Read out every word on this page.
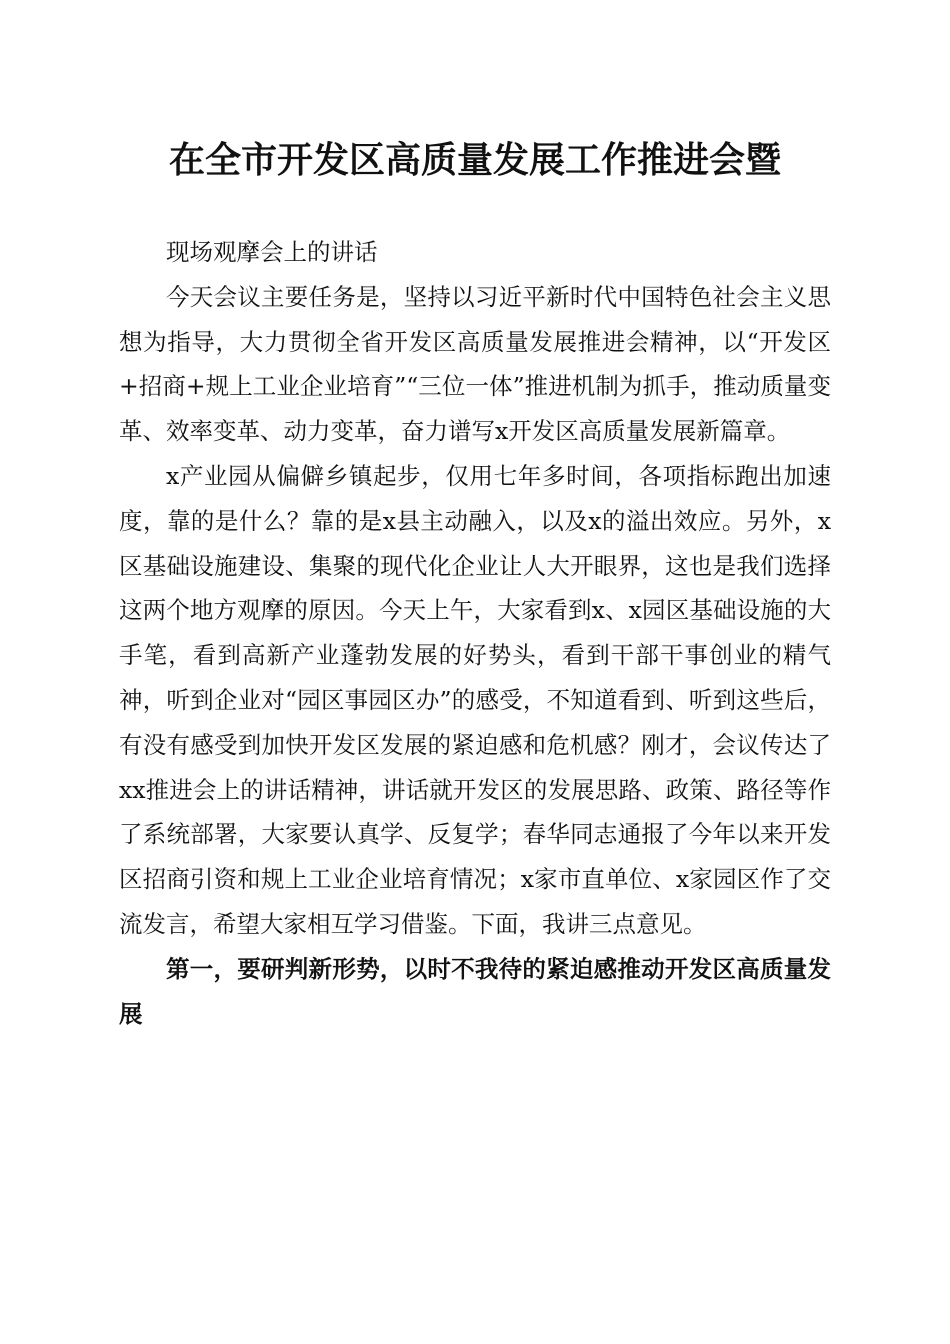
在全市开发区高质量发展工作推进会暨

现场观摩会上的讲话

今天会议主要任务是，坚持以习近平新时代中国特色社会主义思想为指导，大力贯彻全省开发区高质量发展推进会精神，以“开发区+招商+规上工业企业培育”“三位一体”推进机制为抓手，推动质量变革、效率变革、动力变革，奋力谱写x开发区高质量发展新篇章。

x产业园从偏僻乡镇起步，仅用七年多时间，各项指标跑出加速度，靠的是什么？靠的是x县主动融入，以及x的溢出效应。另外，x区基础设施建设、集聚的现代化企业让人大开眼界，这也是我们选择这两个地方观摩的原因。今天上午，大家看到x、x园区基础设施的大手笔，看到高新产业蓬勃发展的好势头，看到干部干事创业的精气神，听到企业对“园区事园区办”的感受，不知道看到、听到这些后，有没有感受到加快开发区发展的紧迫感和危机感？刚才，会议传达了xx推进会上的讲话精神，讲话就开发区的发展思路、政策、路径等作了系统部署，大家要认真学、反复学；春华同志通报了今年以来开发区招商引资和规上工业企业培育情况；x家市直单位、x家园区作了交流发言，希望大家相互学习借鉴。下面，我讲三点意见。

第一，要研判新形势，以时不我待的紧迫感推动开发区高质量发展
